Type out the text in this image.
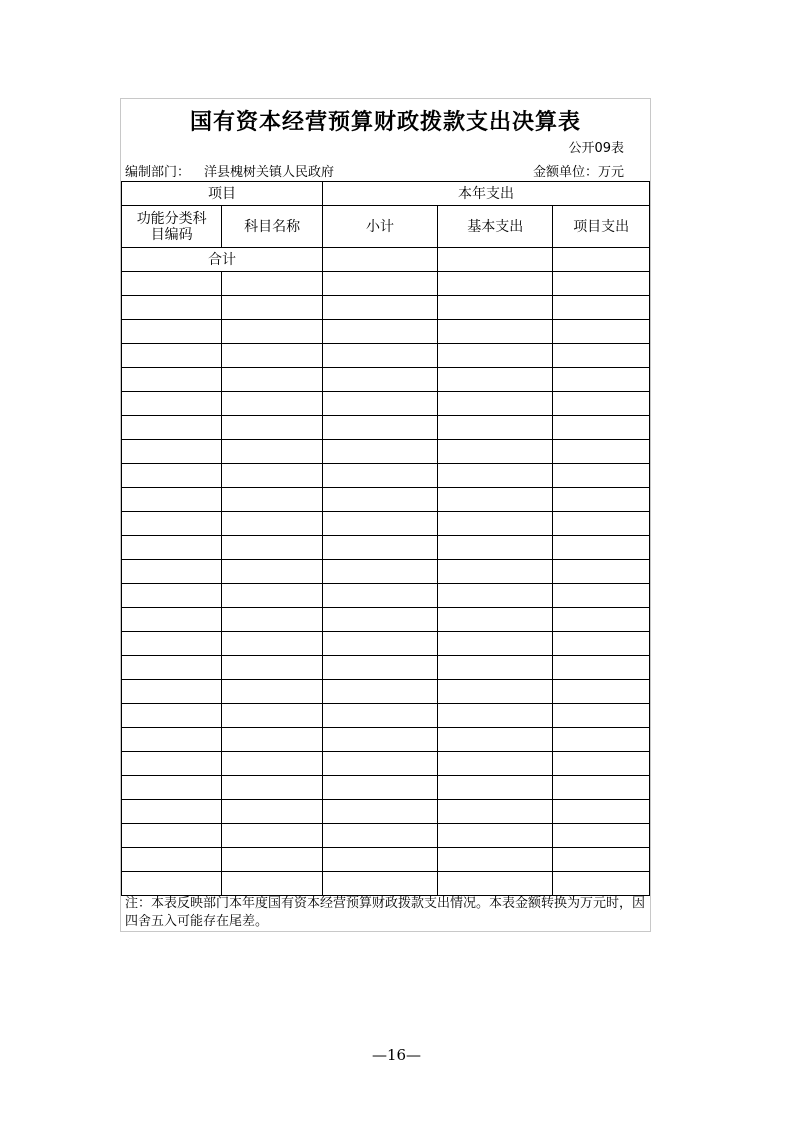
国有资本经营预算财政拨款支出决算表
公开09表
编制部门： 洋县槐树关镇人民政府	金额单位：万元
项目		本年支出		
功能分类科目编码	科目名称	小计	基本支出	项目支出
合计				

注：本表反映部门本年度国有资本经营预算财政拨款支出情况。本表金额转换为万元时，因四舍五入可能存在尾差。
—16—
